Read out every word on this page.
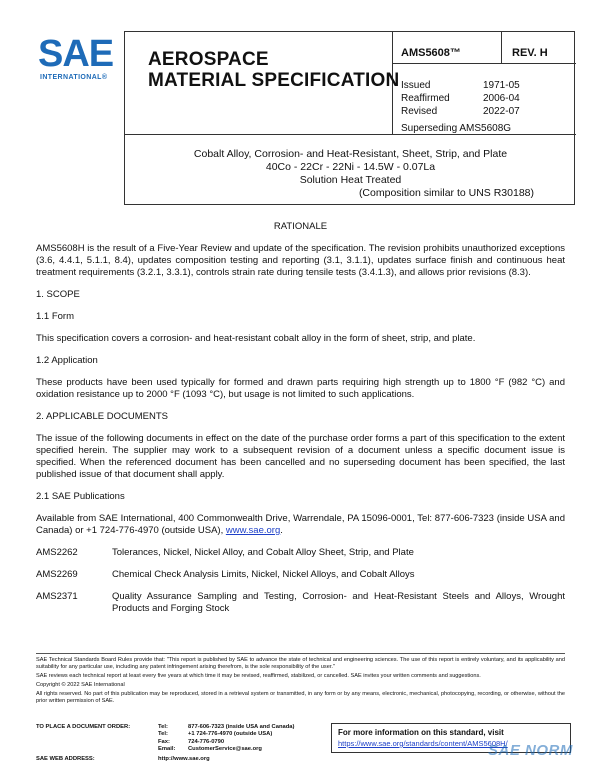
SAE
INTERNATIONAL®
AEROSPACE
MATERIAL SPECIFICATION
AMS5608™	REV. H
Issued	1971-05
Reaffirmed	2006-04
Revised	2022-07
Superseding AMS5608G
Cobalt Alloy, Corrosion- and Heat-Resistant, Sheet, Strip, and Plate
40Co - 22Cr - 22Ni - 14.5W - 0.07La
Solution Heat Treated
(Composition similar to UNS R30188)

RATIONALE

AMS5608H is the result of a Five-Year Review and update of the specification. The revision prohibits unauthorized exceptions (3.6, 4.4.1, 5.1.1, 8.4), updates composition testing and reporting (3.1, 3.1.1), updates surface finish and continuous heat treatment requirements (3.2.1, 3.3.1), controls strain rate during tensile tests (3.4.1.3), and allows prior revisions (8.3).

1. SCOPE

1.1 Form

This specification covers a corrosion- and heat-resistant cobalt alloy in the form of sheet, strip, and plate.

1.2 Application

These products have been used typically for formed and drawn parts requiring high strength up to 1800 °F (982 °C) and oxidation resistance up to 2000 °F (1093 °C), but usage is not limited to such applications.

2. APPLICABLE DOCUMENTS

The issue of the following documents in effect on the date of the purchase order forms a part of this specification to the extent specified herein. The supplier may work to a subsequent revision of a document unless a specific document issue is specified. When the referenced document has been cancelled and no superseding document has been specified, the last published issue of that document shall apply.

2.1 SAE Publications

Available from SAE International, 400 Commonwealth Drive, Warrendale, PA 15096-0001, Tel: 877-606-7323 (inside USA and Canada) or +1 724-776-4970 (outside USA), www.sae.org.

AMS2262	Tolerances, Nickel, Nickel Alloy, and Cobalt Alloy Sheet, Strip, and Plate
AMS2269	Chemical Check Analysis Limits, Nickel, Nickel Alloys, and Cobalt Alloys
AMS2371	Quality Assurance Sampling and Testing, Corrosion- and Heat-Resistant Steels and Alloys, Wrought Products and Forging Stock

SAE Technical Standards Board Rules provide that: "This report is published by SAE to advance the state of technical and engineering sciences. The use of this report is entirely voluntary, and its applicability and suitability for any particular use, including any patent infringement arising therefrom, is the sole responsibility of the user."

SAE reviews each technical report at least every five years at which time it may be revised, reaffirmed, stabilized, or cancelled. SAE invites your written comments and suggestions.

Copyright © 2022 SAE International

All rights reserved. No part of this publication may be reproduced, stored in a retrieval system or transmitted, in any form or by any means, electronic, mechanical, photocopying, recording, or otherwise, without the prior written permission of SAE.

TO PLACE A DOCUMENT ORDER:	Tel:	877-606-7323 (inside USA and Canada)
Tel:	+1 724-776-4970 (outside USA)
Fax:	724-776-0790
Email:	CustomerService@sae.org
SAE WEB ADDRESS:	http://www.sae.org
For more information on this standard, visit
https://www.sae.org/standards/content/AMS5608H/
SAE NORM
